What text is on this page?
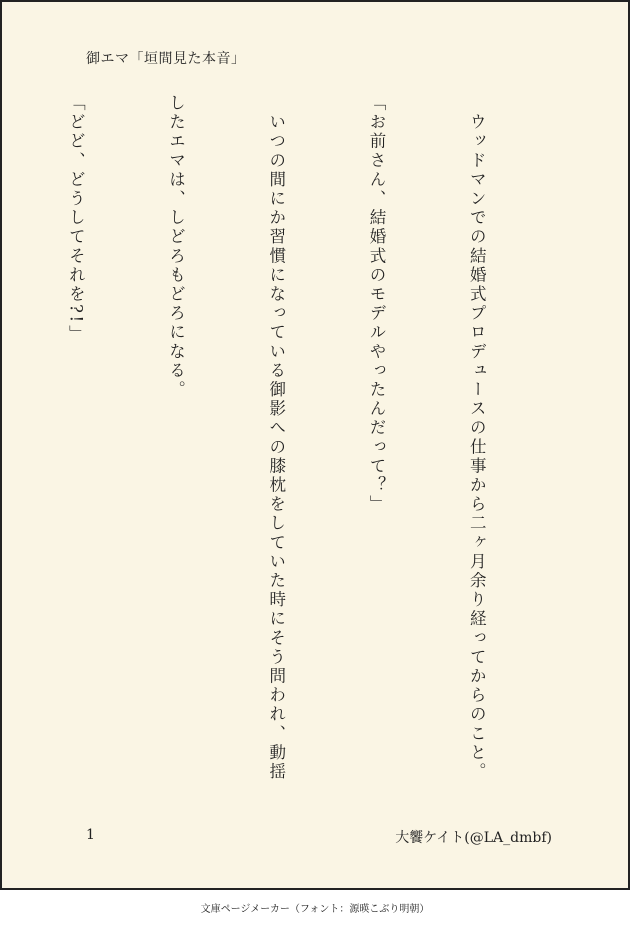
御エマ「垣間見た本音」

　ウッドマンでの結婚式プロデュースの仕事から二ヶ月余り経ってからのこと。

「お前さん、結婚式のモデルやったんだって？」

　いつの間にか習慣になっている御影への膝枕をしていた時にそう問われ、動揺

したエマは、しどろもどろになる。

「どど、どうしてそれを?!」

1	大饗ケイト(@LA_dmbf)
文庫ページメーカー（フォント：源暎こぶり明朝）
